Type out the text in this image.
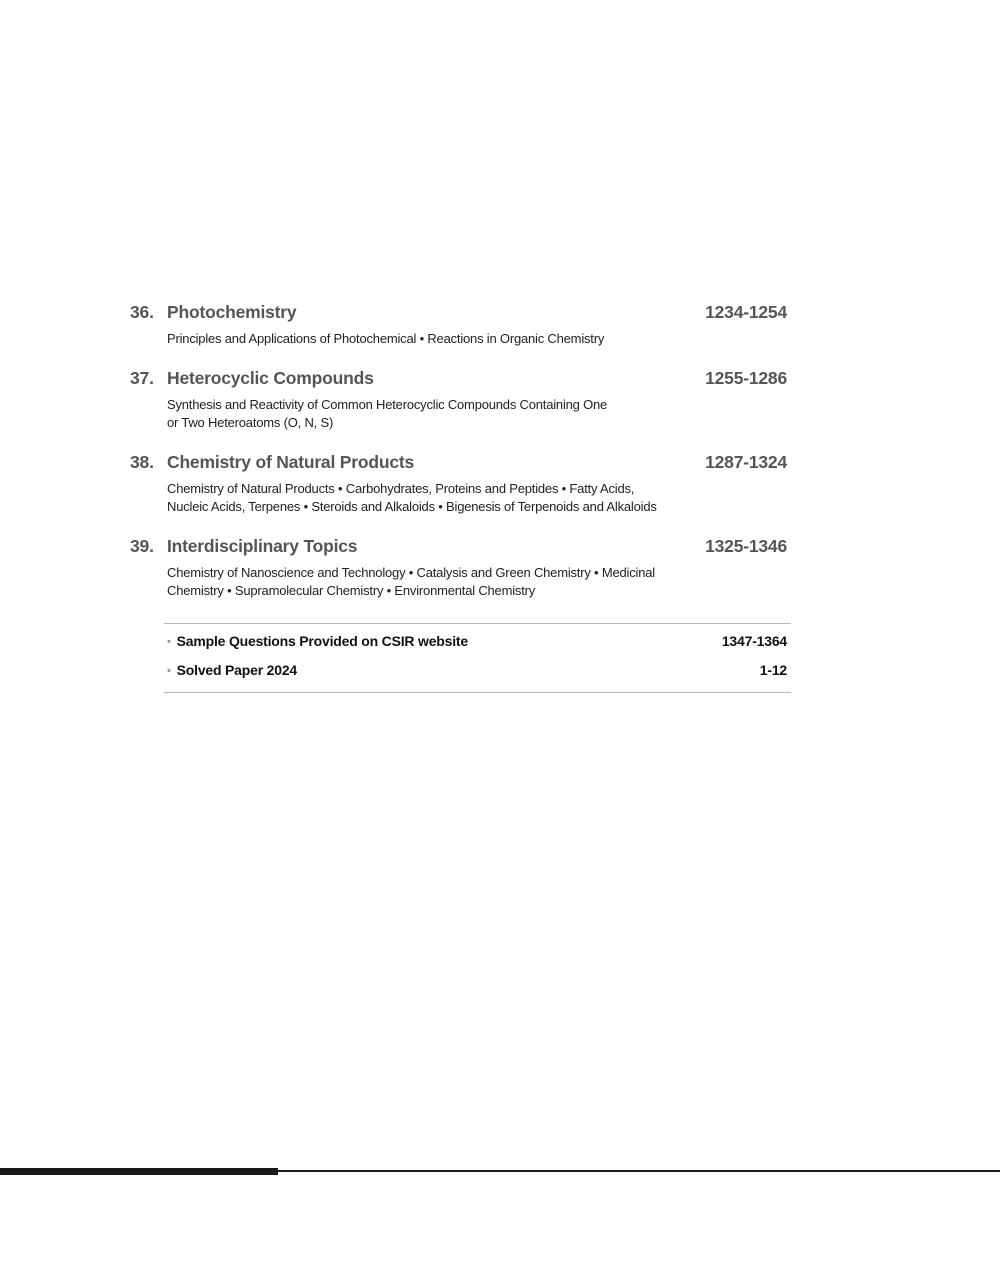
36. Photochemistry	1234-1254
Principles and Applications of Photochemical • Reactions in Organic Chemistry
37. Heterocyclic Compounds	1255-1286
Synthesis and Reactivity of Common Heterocyclic Compounds Containing One
or Two Heteroatoms (O, N, S)
38. Chemistry of Natural Products	1287-1324
Chemistry of Natural Products • Carbohydrates, Proteins and Peptides • Fatty Acids,
Nucleic Acids, Terpenes • Steroids and Alkaloids • Bigenesis of Terpenoids and Alkaloids
39. Interdisciplinary Topics	1325-1346
Chemistry of Nanoscience and Technology • Catalysis and Green Chemistry • Medicinal
Chemistry • Supramolecular Chemistry • Environmental Chemistry
• Sample Questions Provided on CSIR website	1347-1364
• Solved Paper 2024	1-12
